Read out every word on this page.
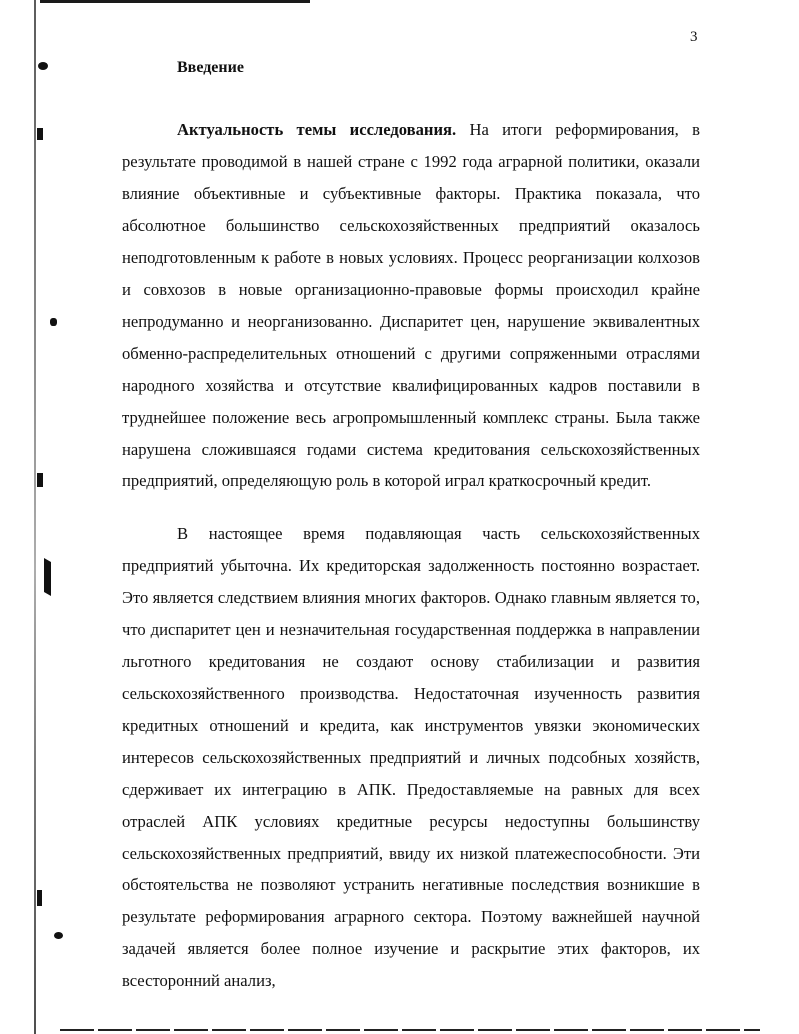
3
Введение

Актуальность темы исследования. На итоги реформирования, в результате проводимой в нашей стране с 1992 года аграрной политики, оказали влияние объективные и субъективные факторы. Практика показала, что абсолютное большинство сельскохозяйственных предприятий оказалось неподготовленным к работе в новых условиях. Процесс реорганизации колхозов и совхозов в новые организационно-правовые формы происходил крайне непродуманно и неорганизованно. Диспаритет цен, нарушение эквивалентных обменно-распределительных отношений с другими сопряженными отраслями народного хозяйства и отсутствие квалифицированных кадров поставили в труднейшее положение весь агропромышленный комплекс страны. Была также нарушена сложившаяся годами система кредитования сельскохозяйственных предприятий, определяющую роль в которой играл краткосрочный кредит.

В настоящее время подавляющая часть сельскохозяйственных предприятий убыточна. Их кредиторская задолженность постоянно возрастает. Это является следствием влияния многих факторов. Однако главным является то, что диспаритет цен и незначительная государственная поддержка в направлении льготного кредитования не создают основу стабилизации и развития сельскохозяйственного производства. Недостаточная изученность развития кредитных отношений и кредита, как инструментов увязки экономических интересов сельскохозяйственных предприятий и личных подсобных хозяйств, сдерживает их интеграцию в АПК. Предоставляемые на равных для всех отраслей АПК условиях кредитные ресурсы недоступны большинству сельскохозяйственных предприятий, ввиду их низкой платежеспособности. Эти обстоятельства не позволяют устранить негативные последствия возникшие в результате реформирования аграрного сектора. Поэтому важнейшей научной задачей является более полное изучение и раскрытие этих факторов, их всесторонний анализ,
